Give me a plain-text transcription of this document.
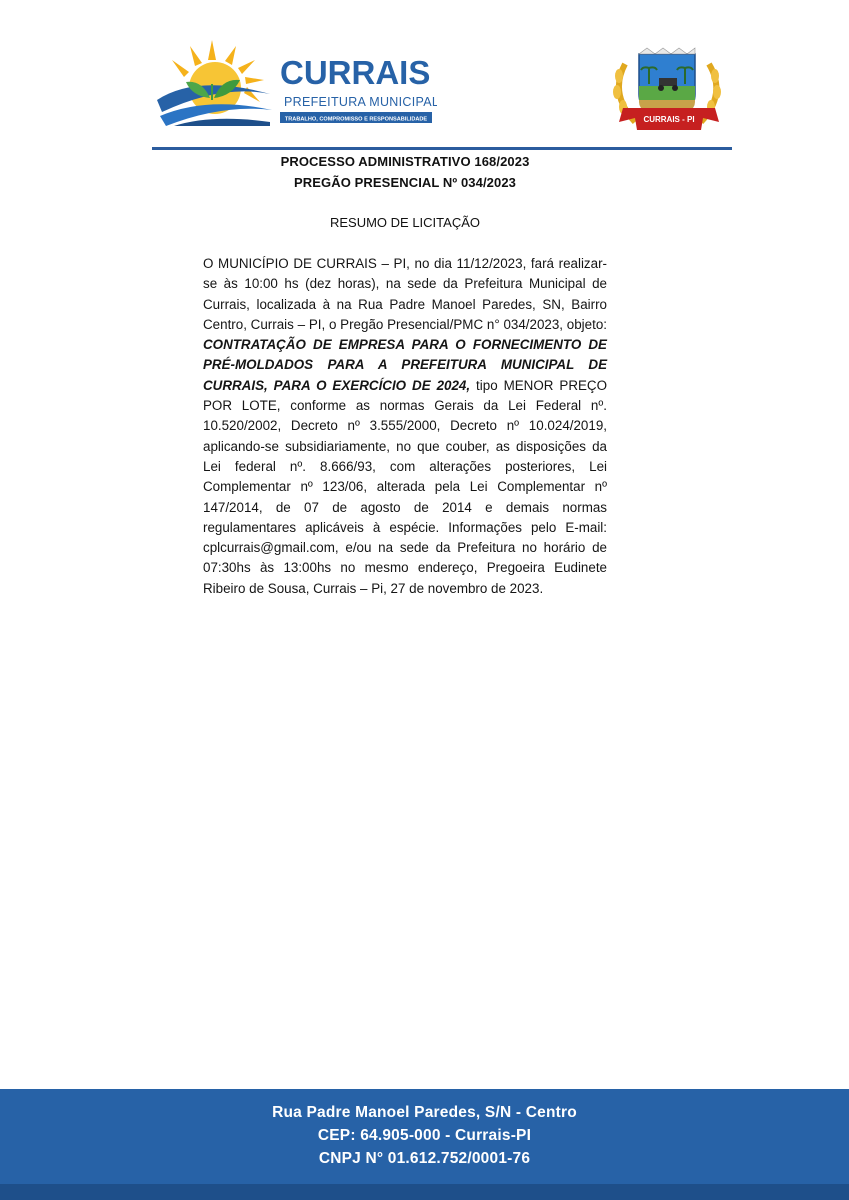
CURRAIS
PREFEITURA MUNICIPAL
TRABALHO, COMPROMISSO E RESPONSABILIDADE	CURRAIS - PI
PROCESSO ADMINISTRATIVO 168/2023
PREGÃO PRESENCIAL Nº 034/2023
RESUMO DE LICITAÇÃO
O MUNICÍPIO DE CURRAIS – PI, no dia 11/12/2023, fará realizar-se às 10:00 hs (dez horas), na sede da Prefeitura Municipal de Currais, localizada à na Rua Padre Manoel Paredes, SN, Bairro Centro, Currais – PI, o Pregão Presencial/PMC n° 034/2023, objeto: CONTRATAÇÃO DE EMPRESA PARA O FORNECIMENTO DE PRÉ-MOLDADOS PARA A PREFEITURA MUNICIPAL DE CURRAIS, PARA O EXERCÍCIO DE 2024, tipo MENOR PREÇO POR LOTE, conforme as normas Gerais da Lei Federal nº. 10.520/2002, Decreto nº 3.555/2000, Decreto nº 10.024/2019, aplicando-se subsidiariamente, no que couber, as disposições da Lei federal nº. 8.666/93, com alterações posteriores, Lei Complementar nº 123/06, alterada pela Lei Complementar nº 147/2014, de 07 de agosto de 2014 e demais normas regulamentares aplicáveis à espécie. Informações pelo E-mail: cplcurrais@gmail.com, e/ou na sede da Prefeitura no horário de 07:30hs às 13:00hs no mesmo endereço, Pregoeira Eudinete Ribeiro de Sousa, Currais – Pi, 27 de novembro de 2023.
Rua Padre Manoel Paredes, S/N - Centro
CEP: 64.905-000 - Currais-PI
CNPJ N° 01.612.752/0001-76
